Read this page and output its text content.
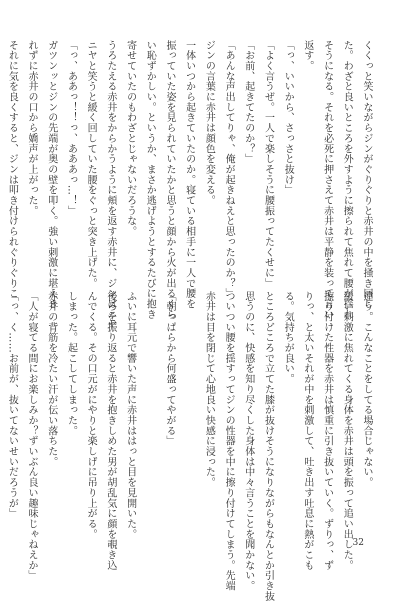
くくっと笑いながらジンがぐりぐりと赤井の中を掻き回し

た。わざと良いところを外すように擦られて焦れて腰が揺れ

そうになる。それを必死に押さえて赤井は平静を装って言い

返す。

「っ、いいから、さっさと抜け」

「よく言うぜ。一人で楽しそうに腰振ってたくせに」

「お前、起きてたのか？」

「あんな声出してりゃ、俺が起きねえと思ったのか？」

ジンの言葉に赤井は顔色を変える。

一体いつから起きていたのか。寝ている相手に一人で腰を

振っていた姿を見られていたかと思うと顔から火が出るくら

い恥ずかしい。というか、まさか逃げようとするたびに抱き

寄せていたのもわざとじゃないだろうな。

うろたえる赤井をからかうように頬を返す赤井に、ジンはニヤ

ニヤと笑うと緩く回していた腰をぐっと突き上げた。

「っ、ああっ！！っ、あああっ…！」

ガツンッとジンの先端が奥の壁を叩く。強い刺激に堪えき

れずに赤井の口から嬌声が上がった。

それに気を良くすると、ジンは叩き付けられぐりぐりこ

違う。こんなことをしてる場合じゃない。

緩い刺激に焦れてくる身体を赤井は頭を振って追い出した。

擦り付けた性器を赤井は慎重に引き抜いていく。ずりっ、ず

りっ、と太いそれが中を刺激して、吐き出す吐息に熱がこも

る。気持ちが良い。

ところどころで立てた膝が抜けそうになりながらもなんとか引き抜

思うのに、快感を知り尽くした身体は中々言うことを聞かない。

ついつい腰を揺すってジンの性器を中に擦り付けてしまう。先端

赤井は目を閉じて心地良い快感に浸った。

「朝っぱらから何盛ってやがる」

ふいに耳元で響いた声に赤井ははっと目を見開いた。

後ろを振り返ると赤井を抱きしめた男が胡乱気に顔を覗き込

んでくる。その口元がにやりと楽しげに吊り上がる。

しまった。起こしてしまった。

赤井の背筋を冷たい汗が伝い落ちた。

「人が寝てる間にお楽しみか？ずいぶん良い趣味じゃねえか」

「っ、く……お前が、抜いてないせいだろうが」

32
